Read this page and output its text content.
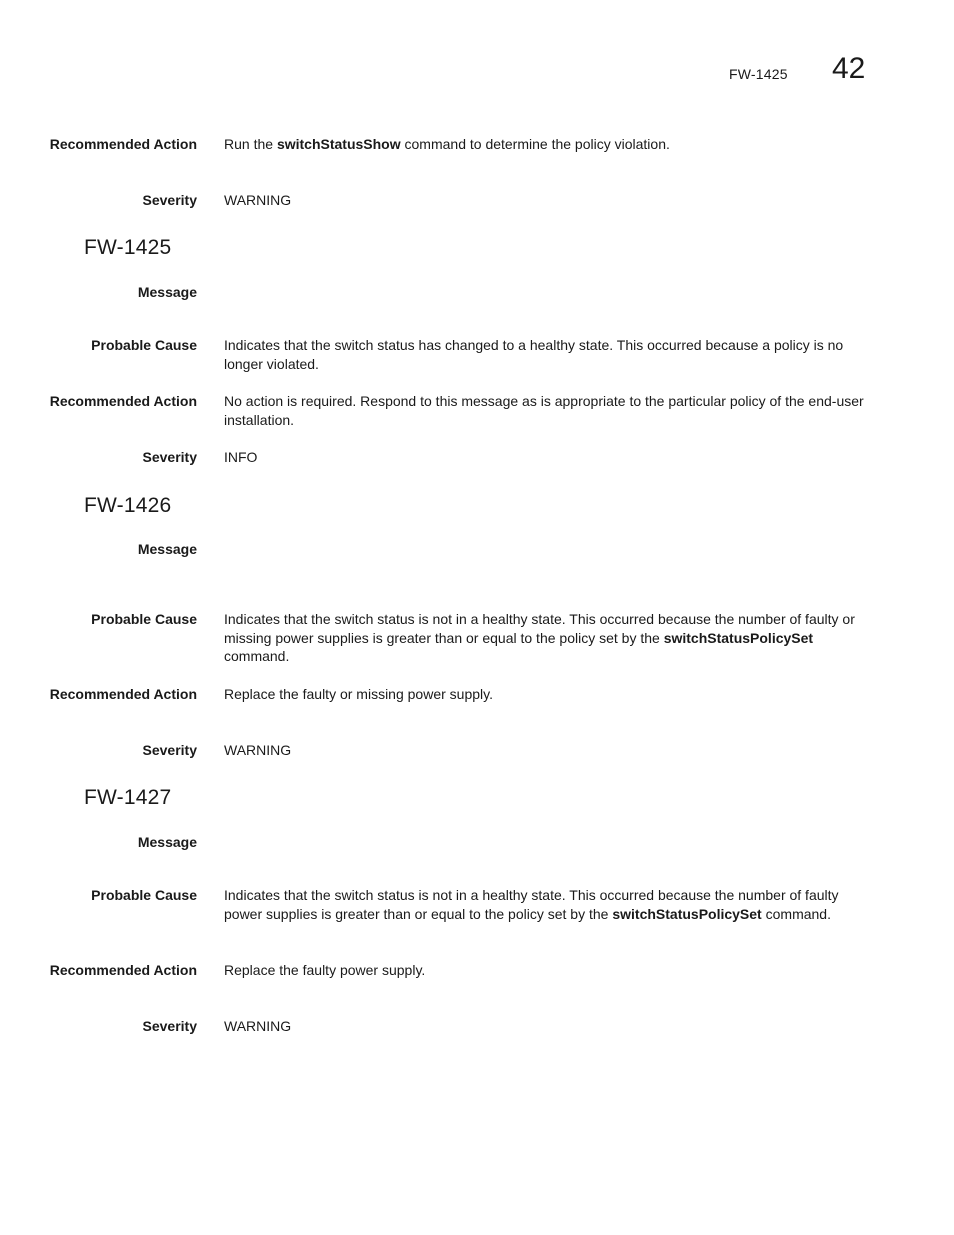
FW-1425 42
Recommended Action Run the switchStatusShow command to determine the policy violation.
Severity WARNING
FW-1425
Message
Probable Cause Indicates that the switch status has changed to a healthy state. This occurred because a policy is no longer violated.
Recommended Action No action is required. Respond to this message as is appropriate to the particular policy of the end-user installation.
Severity INFO
FW-1426
Message
Probable Cause Indicates that the switch status is not in a healthy state. This occurred because the number of faulty or missing power supplies is greater than or equal to the policy set by the switchStatusPolicySet command.
Recommended Action Replace the faulty or missing power supply.
Severity WARNING
FW-1427
Message
Probable Cause Indicates that the switch status is not in a healthy state. This occurred because the number of faulty power supplies is greater than or equal to the policy set by the switchStatusPolicySet command.
Recommended Action Replace the faulty power supply.
Severity WARNING
